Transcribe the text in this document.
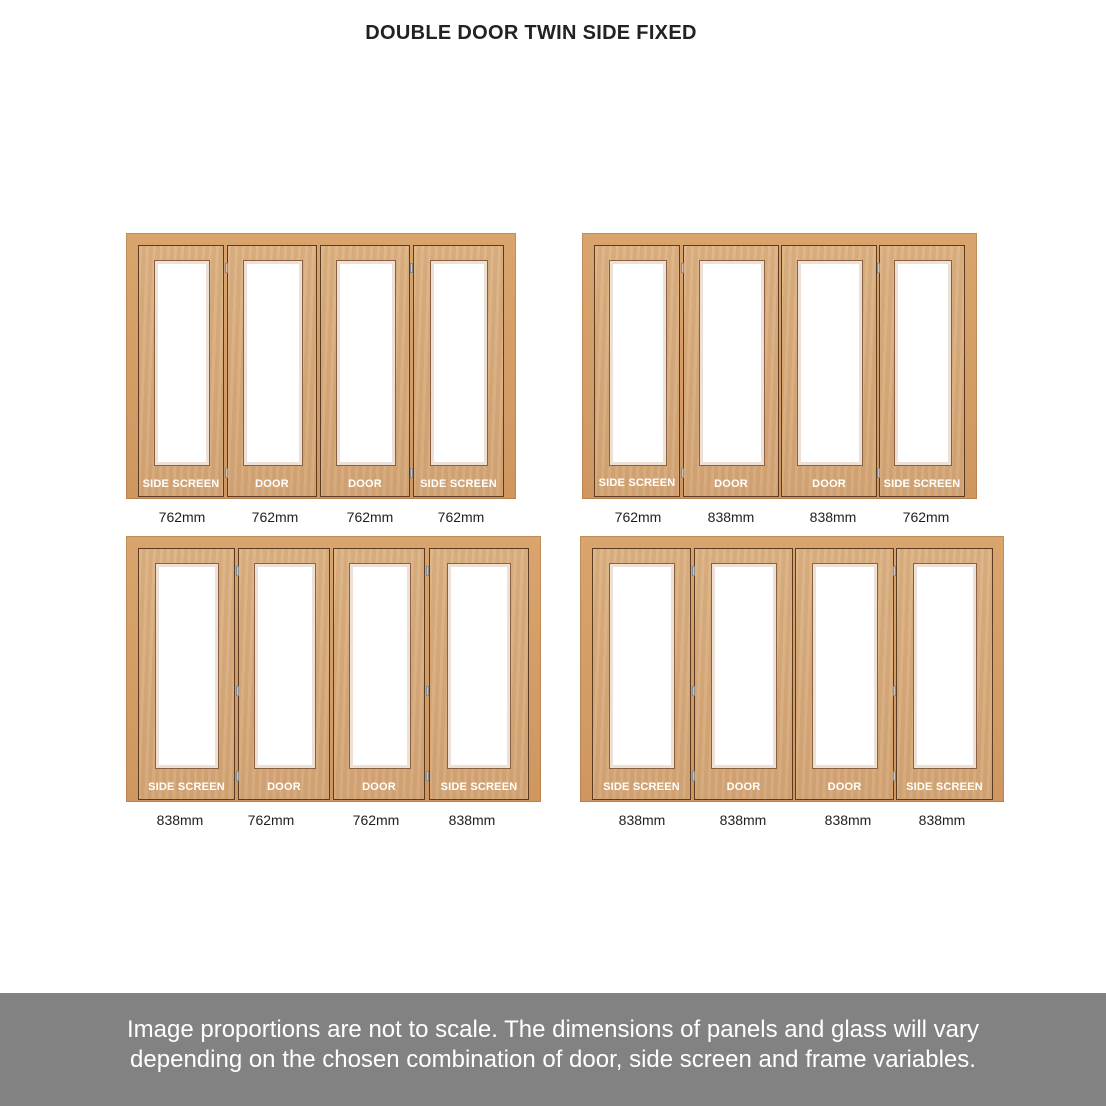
DOUBLE DOOR TWIN SIDE FIXED
SIDE SCREEN	DOOR	DOOR	SIDE SCREEN
762mm	762mm	762mm	762mm
SIDE SCREEN	DOOR	DOOR	SIDE SCREEN
762mm	838mm	838mm	762mm
SIDE SCREEN	DOOR	DOOR	SIDE SCREEN
838mm	762mm	762mm	838mm
SIDE SCREEN	DOOR	DOOR	SIDE SCREEN
838mm	838mm	838mm	838mm
Image proportions are not to scale. The dimensions of panels and glass will vary
depending on the chosen combination of door, side screen and frame variables.
